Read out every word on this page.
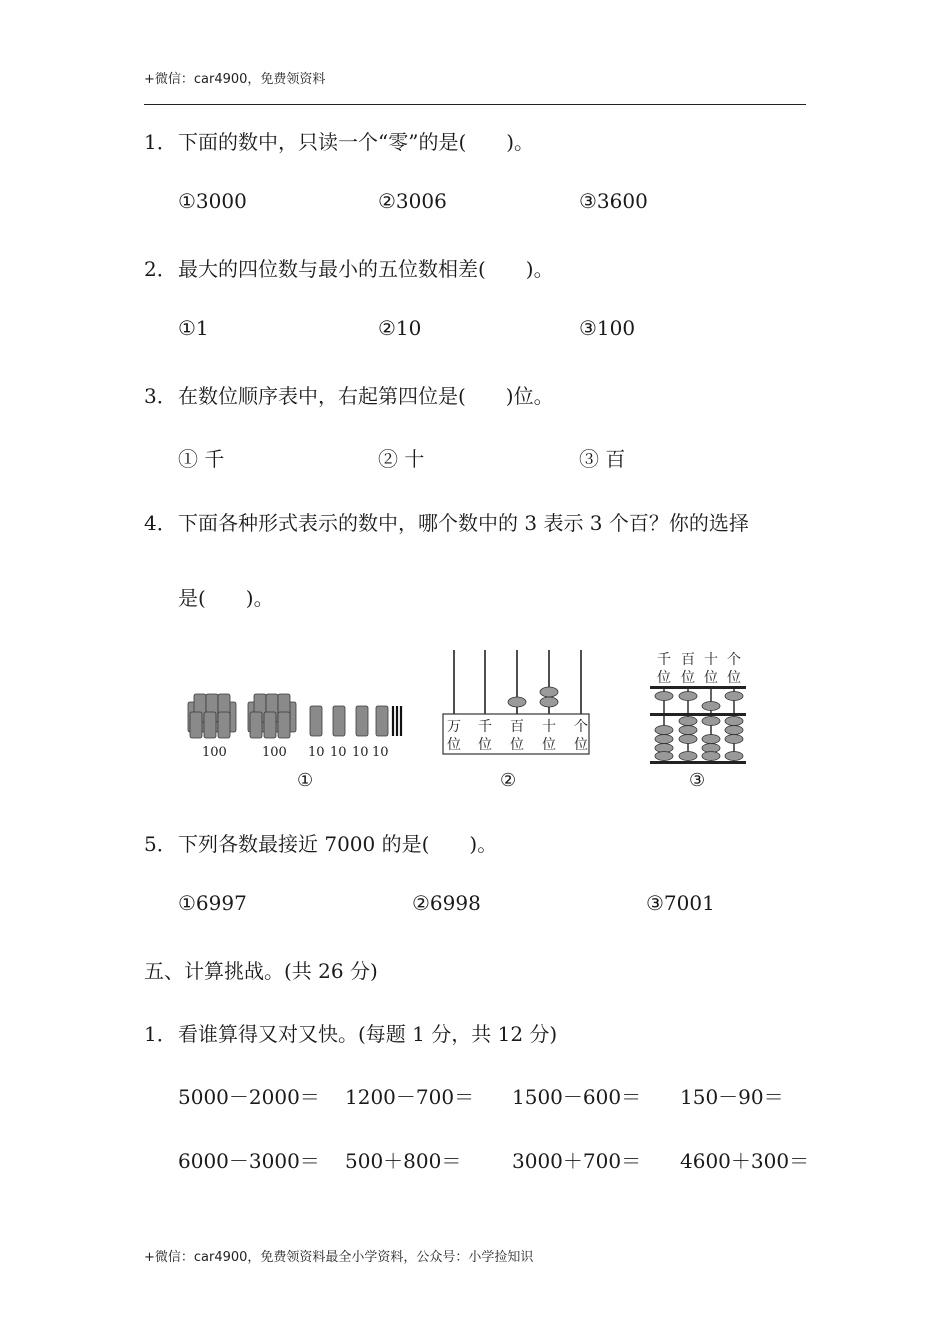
+微信：car4900，免费领资料
1．下面的数中，只读一个“零”的是(　　)。
①3000	②3006	③3600
2．最大的四位数与最小的五位数相差(　　)。
①1	②10	③100
3．在数位顺序表中，右起第四位是(　　)位。
① 千	② 十	③ 百
4．下面各种形式表示的数中，哪个数中的 3 表示 3 个百？你的选择
是(　　)。
100	100 10 10 10 10
①
万 千 百 十 个
位 位 位 位 位
②
千 百 十 个
位 位 位 位
③
5．下列各数最接近 7000 的是(　　)。
①6997	②6998	③7001
五、计算挑战。(共 26 分)
1．看谁算得又对又快。(每题 1 分，共 12 分)
5000－2000＝ 1200－700＝ 1500－600＝ 150－90＝
6000－3000＝ 500＋800＝	3000＋700＝ 4600＋300＝
+微信：car4900，免费领资料最全小学资料，公众号：小学捡知识
